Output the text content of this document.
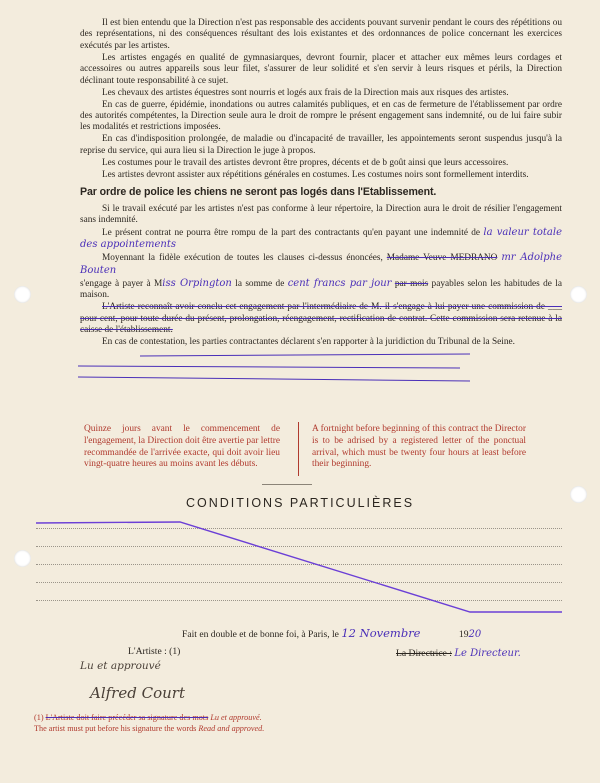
Il est bien entendu que la Direction n'est pas responsable des accidents pouvant survenir pendant le cours des répétitions ou des représentations, ni des conséquences résultant des lois existantes et des ordonnances de police concernant les exercices exécutés par les artistes.

Les artistes engagés en qualité de gymnasiarques, devront fournir, placer et attacher eux mêmes leurs cordages et accessoires ou autres appareils sous leur filet, s'assurer de leur solidité et s'en servir à leurs risques et périls, la Direction déclinant toute responsabilité à ce sujet.

Les chevaux des artistes équestres sont nourris et logés aux frais de la Direction mais aux risques des artistes.

En cas de guerre, épidémie, inondations ou autres calamités publiques, et en cas de fermeture de l'établissement par ordre des autorités compétentes, la Direction seule aura le droit de rompre le présent engagement sans indemnité, ou de lui faire subir les modalités et restrictions imposées.

En cas d'indisposition prolongée, de maladie ou d'incapacité de travailler, les appointements seront suspendus jusqu'à la reprise du service, qui aura lieu si la Direction le juge à propos.

Les costumes pour le travail des artistes devront être propres, décents et de b goût ainsi que leurs accessoires.

Les artistes devront assister aux répétitions générales en costumes. Les costumes noirs sont formellement interdits.

Par ordre de police les chiens ne seront pas logés dans l'Etablissement.

Si le travail exécuté par les artistes n'est pas conforme à leur répertoire, la Direction aura le droit de résilier l'engagement sans indemnité.

Le présent contrat ne pourra être rompu de la part des contractants qu'en payant une indemnité de la valeur totale des appointements

Moyennant la fidèle exécution de toutes les clauses ci-dessus énoncées, Madame Veuve MEDRANO mr Adolphe Bouten

s'engage à payer à Miss Orpington la somme de cent francs par jour par mois payables selon les habitudes de la maison.

L'Artiste reconnaît avoir conclu cet engagement par l'intermédiaire de M. il s'engage à lui payer une commission de ___ pour cent, pour toute durée du présent, prolongation, réengagement, rectification de contrat. Cette commission sera retenue à la caisse de l'établissement.

En cas de contestation, les parties contractantes déclarent s'en rapporter à la juridiction du Tribunal de la Seine.

Quinze jours avant le commencement de l'engagement, la Direction doit être avertie par lettre recommandée de l'arrivée exacte, qui doit avoir lieu vingt-quatre heures au moins avant les débuts.
A fortnight before beginning of this contract the Director is to be adrised by a registered letter of the ponctual arrival, which must be twenty four hours at least before their beginning.
CONDITIONS PARTICULIÈRES
Fait en double et de bonne foi, à Paris, le 12 Novembre	1920
L'Artiste : (1)	La Directrice : Le Directeur.
Lu et approuvé
Alfred Court
(1) L'Artiste doit faire précéder sa signature des mots Lu et approuvé.
The artist must put before his signature the words Read and approved.
